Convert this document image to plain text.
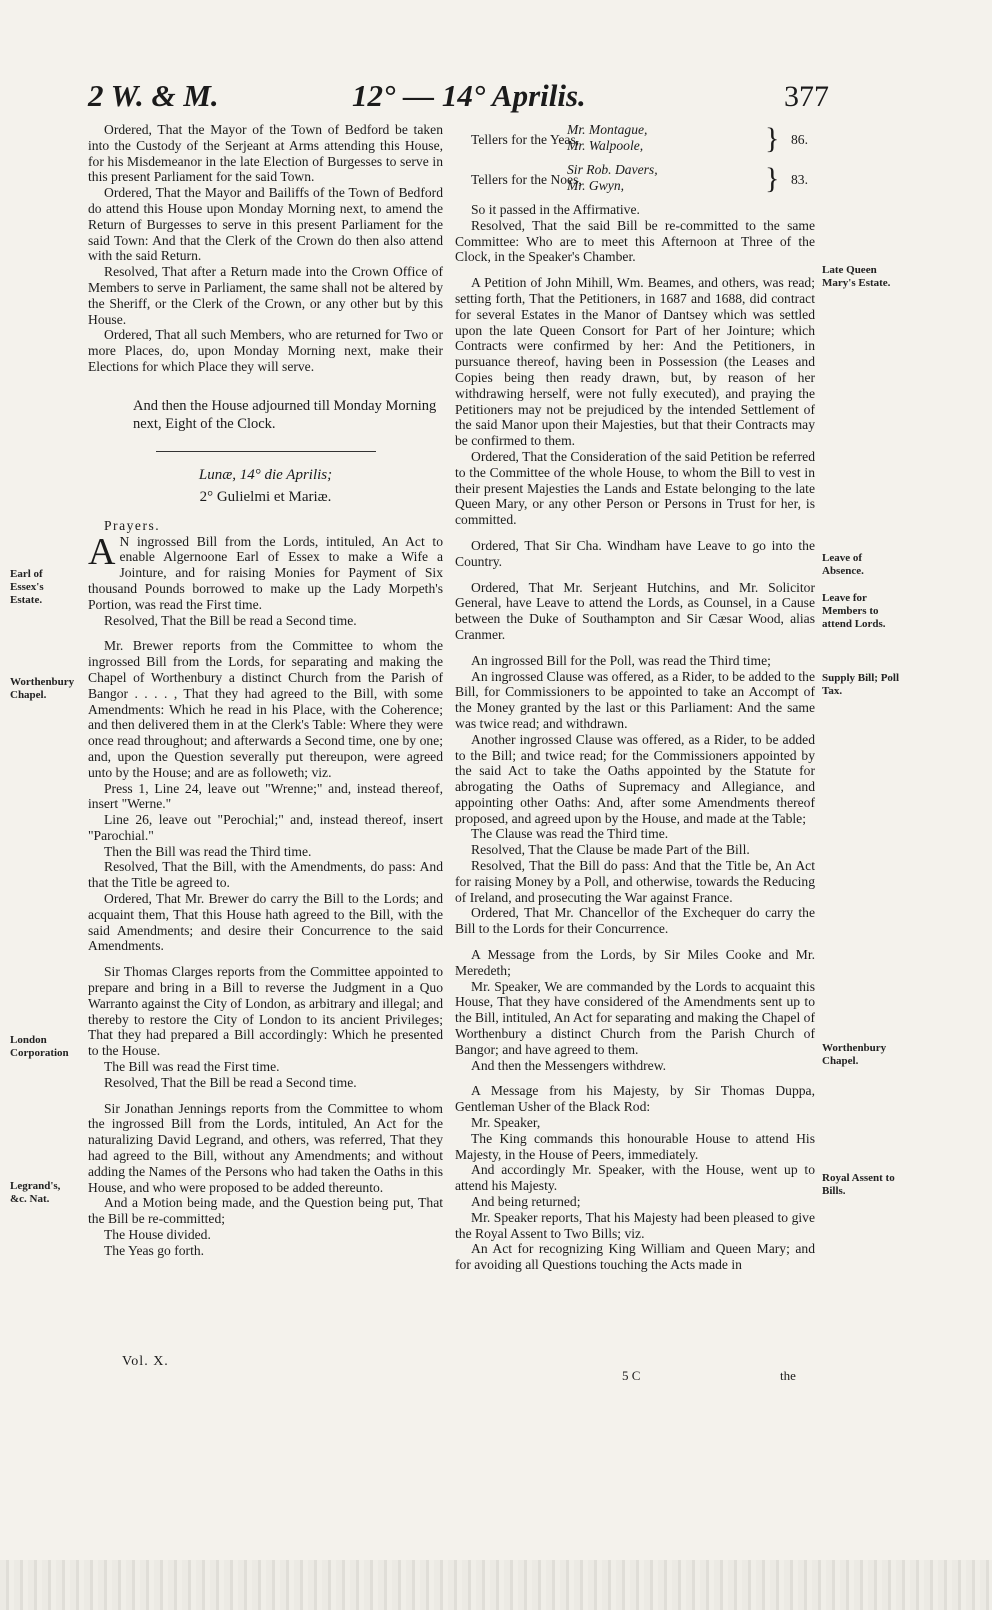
2 W. & M.	12° — 14° Aprilis.	377

Ordered, That the Mayor of the Town of Bedford be taken into the Custody of the Serjeant at Arms attending this House, for his Misdemeanor in the late Election of Burgesses to serve in this present Parliament for the said Town.

Ordered, That the Mayor and Bailiffs of the Town of Bedford do attend this House upon Monday Morning next, to amend the Return of Burgesses to serve in this present Parliament for the said Town: And that the Clerk of the Crown do then also attend with the said Return.

Resolved, That after a Return made into the Crown Office of Members to serve in Parliament, the same shall not be altered by the Sheriff, or the Clerk of the Crown, or any other but by this House.

Ordered, That all such Members, who are returned for Two or more Places, do, upon Monday Morning next, make their Elections for which Place they will serve.

And then the House adjourned till Monday Morning next, Eight of the Clock.

Lunæ, 14° die Aprilis;
2° Gulielmi et Mariæ.

Prayers.

A N ingrossed Bill from the Lords, intituled, An Act to enable Algernoone Earl of Essex to make a Wife a Jointure, and for raising Monies for Payment of Six thousand Pounds borrowed to make up the Lady Morpeth's Portion, was read the First time.

Resolved, That the Bill be read a Second time.

Mr. Brewer reports from the Committee to whom the ingrossed Bill from the Lords, for separating and making the Chapel of Worthenbury a distinct Church from the Parish of Bangor . . . . , That they had agreed to the Bill, with some Amendments: Which he read in his Place, with the Coherence; and then delivered them in at the Clerk's Table: Where they were once read throughout; and afterwards a Second time, one by one; and, upon the Question severally put thereupon, were agreed unto by the House; and are as followeth; viz.

Press 1, Line 24, leave out "Wrenne;" and, instead thereof, insert "Werne."

Line 26, leave out "Perochial;" and, instead thereof, insert "Parochial."

Then the Bill was read the Third time.

Resolved, That the Bill, with the Amendments, do pass: And that the Title be agreed to.

Ordered, That Mr. Brewer do carry the Bill to the Lords; and acquaint them, That this House hath agreed to the Bill, with the said Amendments; and desire their Concurrence to the said Amendments.

Sir Thomas Clarges reports from the Committee appointed to prepare and bring in a Bill to reverse the Judgment in a Quo Warranto against the City of London, as arbitrary and illegal; and thereby to restore the City of London to its ancient Privileges; That they had prepared a Bill accordingly: Which he presented to the House.

The Bill was read the First time.

Resolved, That the Bill be read a Second time.

Sir Jonathan Jennings reports from the Committee to whom the ingrossed Bill from the Lords, intituled, An Act for the naturalizing David Legrand, and others, was referred, That they had agreed to the Bill, without any Amendments; and without adding the Names of the Persons who had taken the Oaths in this House, and who were proposed to be added thereunto.

And a Motion being made, and the Question being put, That the Bill be re-committed;

The House divided.

The Yeas go forth.

Tellers for the Yeas,
Mr. Montague,
Mr. Walpoole,	} 86.
Tellers for the Noes,
Sir Rob. Davers,
Mr. Gwyn,	} 83.

So it passed in the Affirmative.

Resolved, That the said Bill be re-committed to the same Committee: Who are to meet this Afternoon at Three of the Clock, in the Speaker's Chamber.

A Petition of John Mihill, Wm. Beames, and others, was read; setting forth, That the Petitioners, in 1687 and 1688, did contract for several Estates in the Manor of Dantsey which was settled upon the late Queen Consort for Part of her Jointure; which Contracts were confirmed by her: And the Petitioners, in pursuance thereof, having been in Possession (the Leases and Copies being then ready drawn, but, by reason of her withdrawing herself, were not fully executed), and praying the Petitioners may not be prejudiced by the intended Settlement of the said Manor upon their Majesties, but that their Contracts may be confirmed to them.

Ordered, That the Consideration of the said Petition be referred to the Committee of the whole House, to whom the Bill to vest in their present Majesties the Lands and Estate belonging to the late Queen Mary, or any other Person or Persons in Trust for her, is committed.

Ordered, That Sir Cha. Windham have Leave to go into the Country.

Ordered, That Mr. Serjeant Hutchins, and Mr. Solicitor General, have Leave to attend the Lords, as Counsel, in a Cause between the Duke of Southampton and Sir Cæsar Wood, alias Cranmer.

An ingrossed Bill for the Poll, was read the Third time;

An ingrossed Clause was offered, as a Rider, to be added to the Bill, for Commissioners to be appointed to take an Accompt of the Money granted by the last or this Parliament: And the same was twice read; and withdrawn.

Another ingrossed Clause was offered, as a Rider, to be added to the Bill; and twice read; for the Commissioners appointed by the said Act to take the Oaths appointed by the Statute for abrogating the Oaths of Supremacy and Allegiance, and appointing other Oaths: And, after some Amendments thereof proposed, and agreed upon by the House, and made at the Table;

The Clause was read the Third time.

Resolved, That the Clause be made Part of the Bill.

Resolved, That the Bill do pass: And that the Title be, An Act for raising Money by a Poll, and otherwise, towards the Reducing of Ireland, and prosecuting the War against France.

Ordered, That Mr. Chancellor of the Exchequer do carry the Bill to the Lords for their Concurrence.

A Message from the Lords, by Sir Miles Cooke and Mr. Meredeth;

Mr. Speaker, We are commanded by the Lords to acquaint this House, That they have considered of the Amendments sent up to the Bill, intituled, An Act for separating and making the Chapel of Worthenbury a distinct Church from the Parish Church of Bangor; and have agreed to them.

And then the Messengers withdrew.

A Message from his Majesty, by Sir Thomas Duppa, Gentleman Usher of the Black Rod:

Mr. Speaker,

The King commands this honourable House to attend His Majesty, in the House of Peers, immediately.

And accordingly Mr. Speaker, with the House, went up to attend his Majesty.

And being returned;

Mr. Speaker reports, That his Majesty had been pleased to give the Royal Assent to Two Bills; viz.

An Act for recognizing King William and Queen Mary; and for avoiding all Questions touching the Acts made in

Earl of Essex's Estate.
Worthenbury Chapel.
London Corporation
Legrand's, &c. Nat.
Late Queen Mary's Estate.
Leave of Absence.
Leave for Members to attend Lords.
Supply Bill; Poll Tax.
Worthenbury Chapel.
Royal Assent to Bills.
Vol. X.
5 C	the
